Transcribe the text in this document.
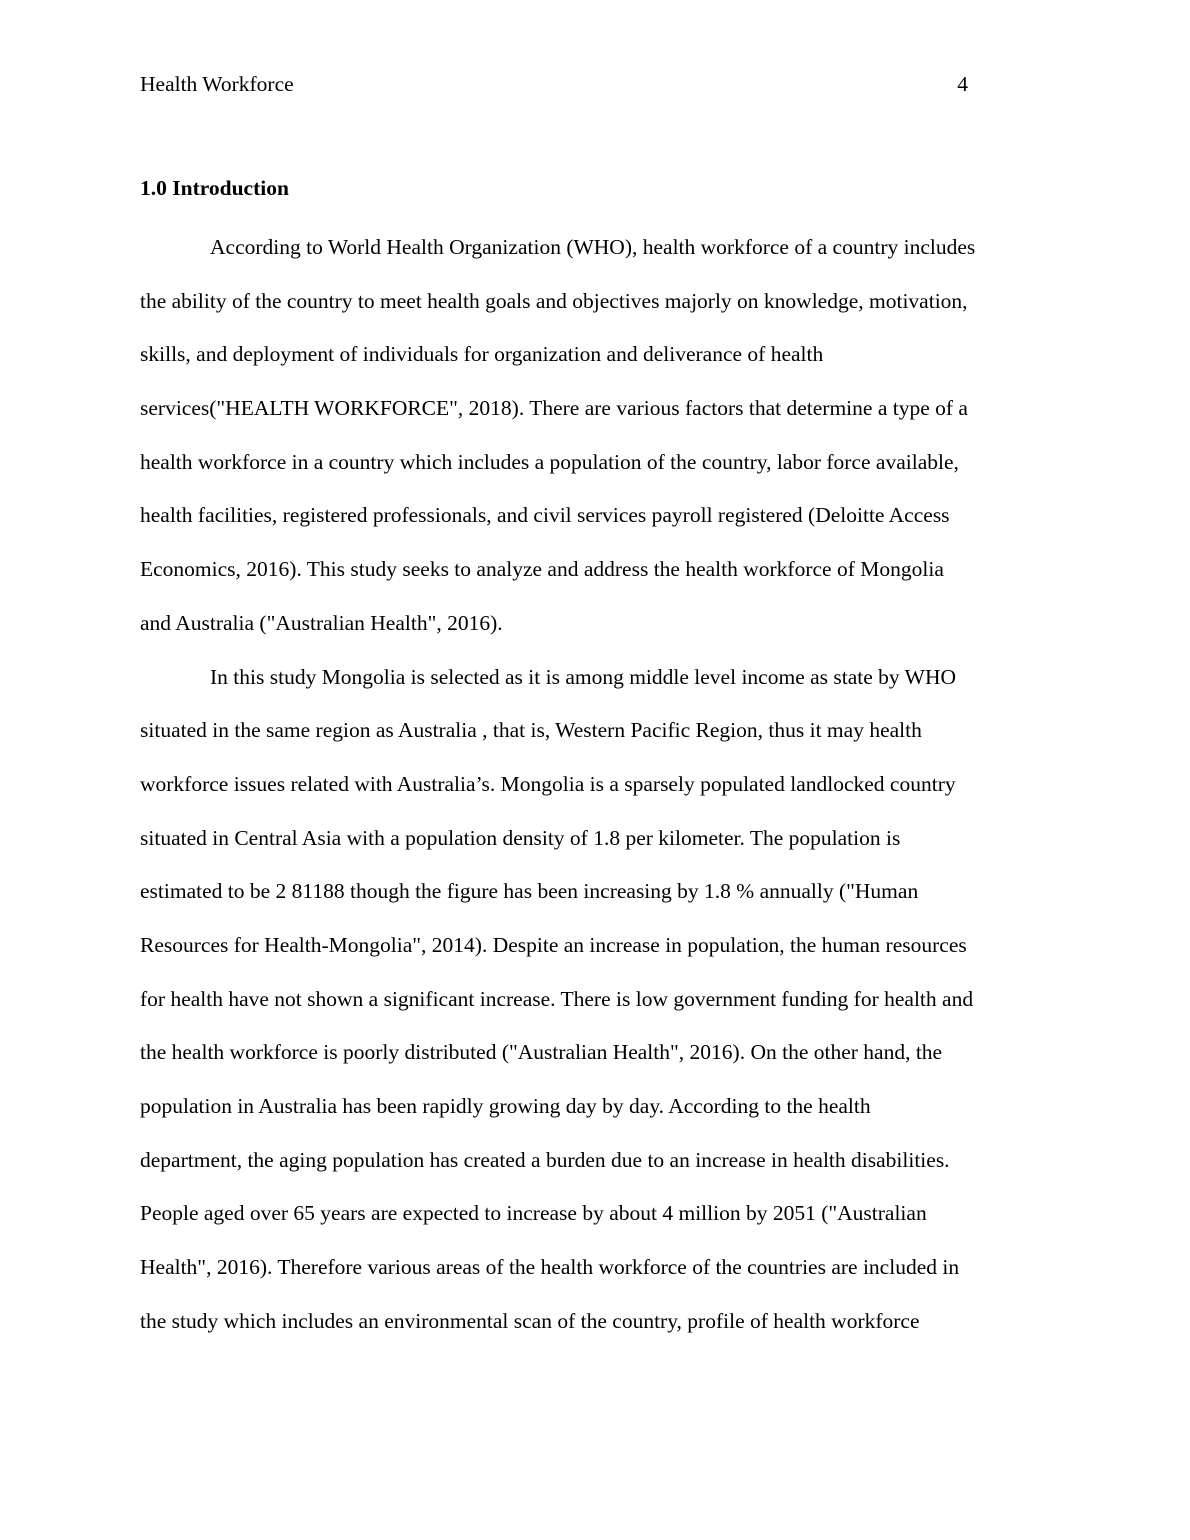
Health Workforce	4
1.0 Introduction
According to World Health Organization (WHO), health workforce of a country includes
the ability of the country to meet health goals and objectives majorly on knowledge, motivation,
skills, and deployment of individuals for organization and deliverance of health
services("HEALTH WORKFORCE", 2018). There are various factors that determine a type of a
health workforce in a country which includes a population of the country, labor force available,
health facilities, registered professionals, and civil services payroll registered (Deloitte Access
Economics, 2016). This study seeks to analyze and address the health workforce of Mongolia
and Australia ("Australian Health", 2016).
In this study Mongolia is selected as it is among middle level income as state by WHO
situated in the same region as Australia , that is, Western Pacific Region, thus it may health
workforce issues related with Australia’s. Mongolia is a sparsely populated landlocked country
situated in Central Asia with a population density of 1.8 per kilometer. The population is
estimated to be 2 81188 though the figure has been increasing by 1.8 % annually ("Human
Resources for Health-Mongolia", 2014). Despite an increase in population, the human resources
for health have not shown a significant increase. There is low government funding for health and
the health workforce is poorly distributed ("Australian Health", 2016). On the other hand, the
population in Australia has been rapidly growing day by day. According to the health
department, the aging population has created a burden due to an increase in health disabilities.
People aged over 65 years are expected to increase by about 4 million by 2051 ("Australian
Health", 2016). Therefore various areas of the health workforce of the countries are included in
the study which includes an environmental scan of the country, profile of health workforce
